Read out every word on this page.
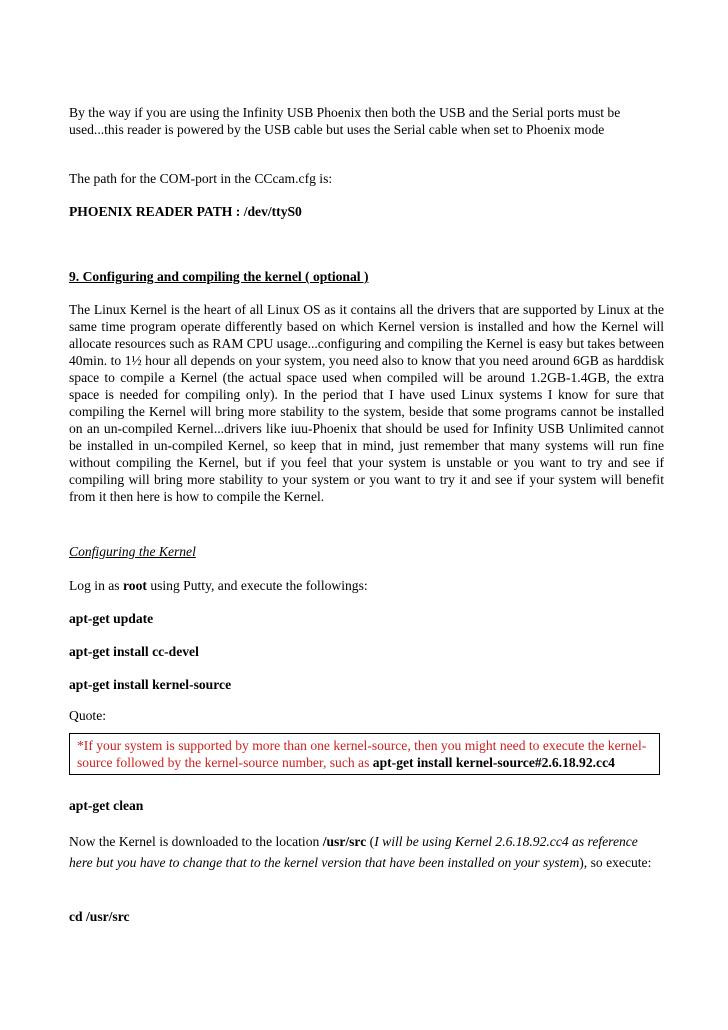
By the way if you are using the Infinity USB Phoenix then both the USB and the Serial ports must be used...this reader is powered by the USB cable but uses the Serial cable when set to Phoenix mode

The path for the COM-port in the CCcam.cfg is:

PHOENIX READER PATH : /dev/ttyS0

9. Configuring and compiling the kernel ( optional )

The Linux Kernel is the heart of all Linux OS as it contains all the drivers that are supported by Linux at the same time program operate differently based on which Kernel version is installed and how the Kernel will allocate resources such as RAM CPU usage...configuring and compiling the Kernel is easy but takes between 40min. to 1½ hour all depends on your system, you need also to know that you need around 6GB as harddisk space to compile a Kernel (the actual space used when compiled will be around 1.2GB-1.4GB, the extra space is needed for compiling only). In the period that I have used Linux systems I know for sure that compiling the Kernel will bring more stability to the system, beside that some programs cannot be installed on an un-compiled Kernel...drivers like iuu-Phoenix that should be used for Infinity USB Unlimited cannot be installed in un-compiled Kernel, so keep that in mind, just remember that many systems will run fine without compiling the Kernel, but if you feel that your system is unstable or you want to try and see if compiling will bring more stability to your system or you want to try it and see if your system will benefit from it then here is how to compile the Kernel.

Configuring the Kernel

Log in as root using Putty, and execute the followings:

apt-get update

apt-get install cc-devel

apt-get install kernel-source

Quote:

*If your system is supported by more than one kernel-source, then you might need to execute the kernel-source followed by the kernel-source number, such as apt-get install kernel-source#2.6.18.92.cc4

apt-get clean

Now the Kernel is downloaded to the location /usr/src (I will be using Kernel 2.6.18.92.cc4 as reference here but you have to change that to the kernel version that have been installed on your system), so execute:

cd /usr/src
